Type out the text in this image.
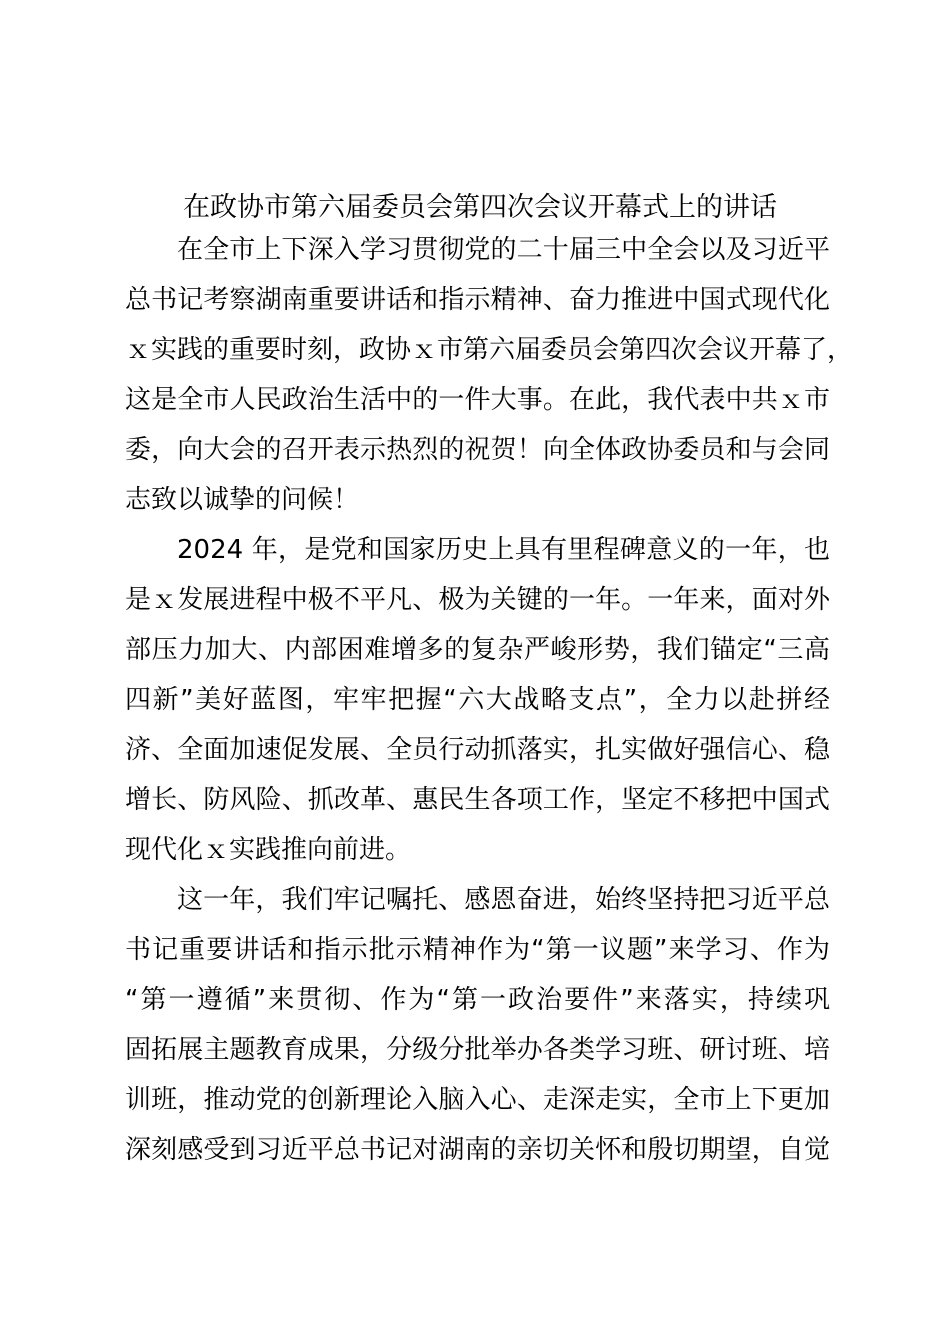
在政协市第六届委员会第四次会议开幕式上的讲话

在全市上下深入学习贯彻党的二十届三中全会以及习近平
总书记考察湖南重要讲话和指示精神、奋力推进中国式现代化
ｘ实践的重要时刻，政协ｘ市第六届委员会第四次会议开幕了，
这是全市人民政治生活中的一件大事。在此，我代表中共ｘ市
委，向大会的召开表示热烈的祝贺！向全体政协委员和与会同
志致以诚挚的问候！

2024 年，是党和国家历史上具有里程碑意义的一年，也
是ｘ发展进程中极不平凡、极为关键的一年。一年来，面对外
部压力加大、内部困难增多的复杂严峻形势，我们锚定“三高
四新”美好蓝图，牢牢把握“六大战略支点”，全力以赴拼经
济、全面加速促发展、全员行动抓落实，扎实做好强信心、稳
增长、防风险、抓改革、惠民生各项工作，坚定不移把中国式
现代化ｘ实践推向前进。

这一年，我们牢记嘱托、感恩奋进，始终坚持把习近平总
书记重要讲话和指示批示精神作为“第一议题”来学习、作为
“第一遵循”来贯彻、作为“第一政治要件”来落实，持续巩
固拓展主题教育成果，分级分批举办各类学习班、研讨班、培
训班，推动党的创新理论入脑入心、走深走实，全市上下更加
深刻感受到习近平总书记对湖南的亲切关怀和殷切期望，自觉
